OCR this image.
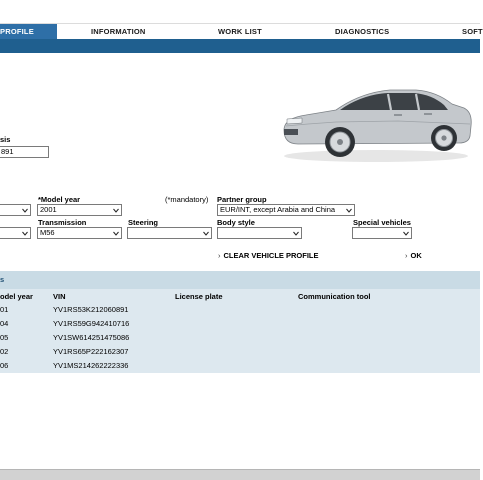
PROFILE	INFORMATION	WORK LIST	DIAGNOSTICS	SOFT
sis
891
*Model year	(*mandatory) Partner group
2001	EUR/INT, except Arabia and China
Transmission	Steering	Body style	Special vehicles
M56
› CLEAR VEHICLE PROFILE	› OK
s
odel year	VIN	License plate	Communication tool
01	YV1RS53K212060891
04	YV1RS59G942410716
05	YV1SW614251475086
02	YV1RS65P222162307
06	YV1MS214262222336
